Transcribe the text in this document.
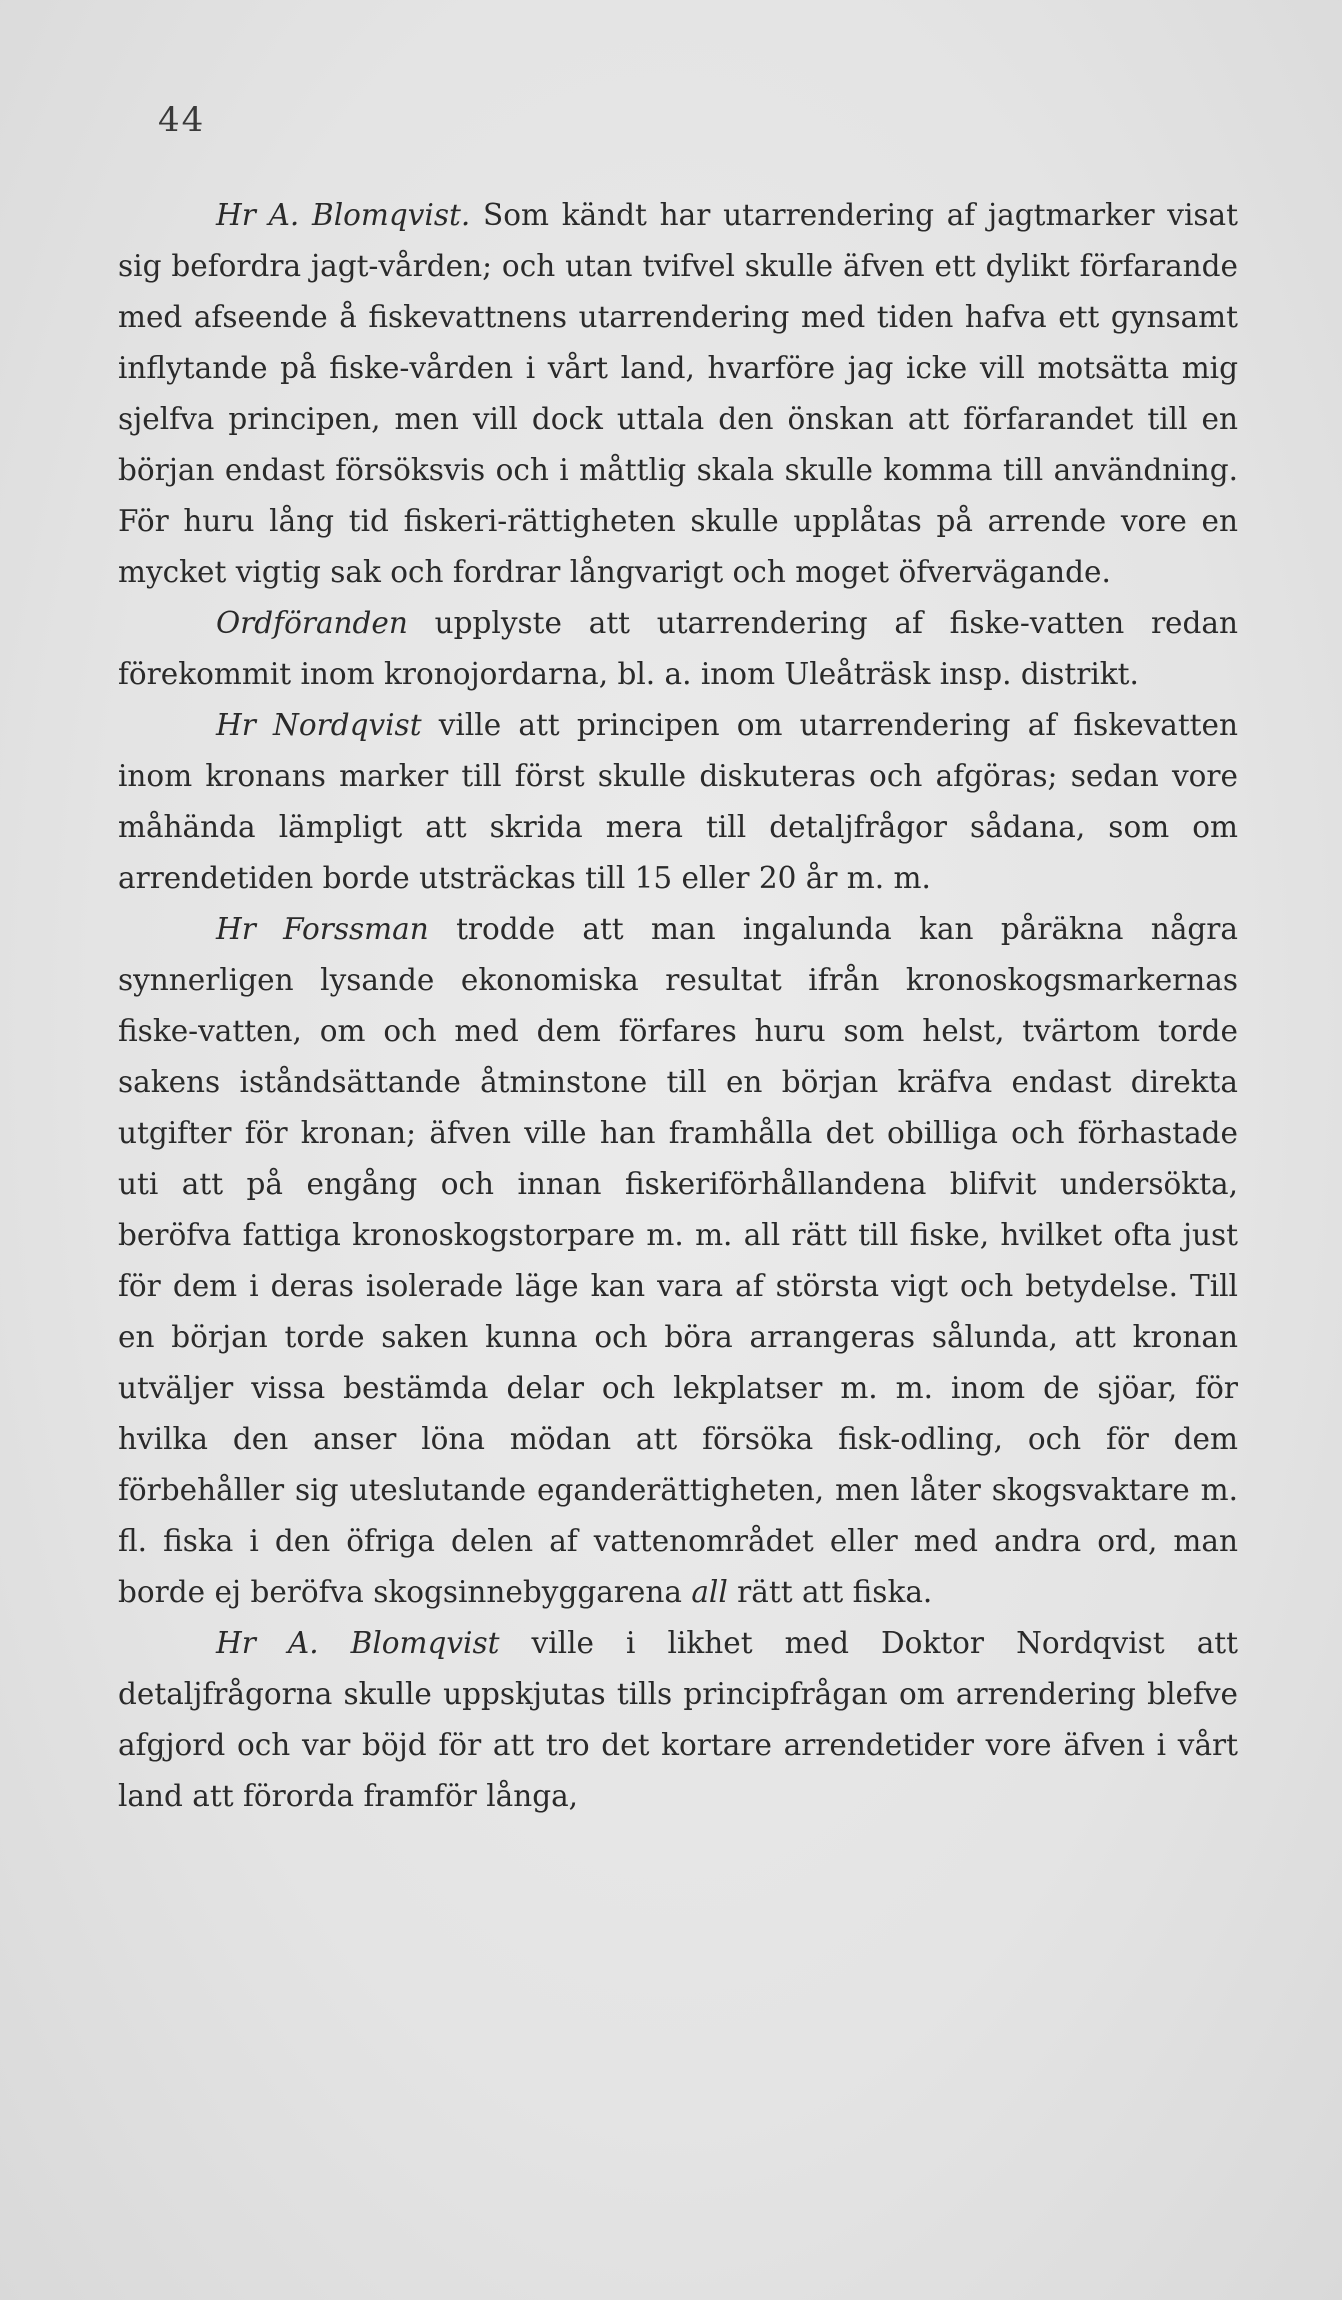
44

Hr A. Blomqvist. Som kändt har utarrendering af jagtmarker visat sig befordra jagt-vården; och utan tvifvel skulle äfven ett dylikt förfarande med afseende å fiskevattnens utarrendering med tiden hafva ett gynsamt inflytande på fiske-vården i vårt land, hvarföre jag icke vill motsätta mig sjelfva principen, men vill dock uttala den önskan att förfarandet till en början endast försöksvis och i måttlig skala skulle komma till användning. För huru lång tid fiskeri-rättigheten skulle upplåtas på arrende vore en mycket vigtig sak och fordrar långvarigt och moget öfvervägande.

Ordföranden upplyste att utarrendering af fiske-vatten redan förekommit inom kronojordarna, bl. a. inom Uleåträsk insp. distrikt.

Hr Nordqvist ville att principen om utarrendering af fiskevatten inom kronans marker till först skulle diskuteras och afgöras; sedan vore måhända lämpligt att skrida mera till detaljfrågor sådana, som om arrendetiden borde utsträckas till 15 eller 20 år m. m.

Hr Forssman trodde att man ingalunda kan påräkna några synnerligen lysande ekonomiska resultat ifrån kronoskogsmarkernas fiske-vatten, om och med dem förfares huru som helst, tvärtom torde sakens iståndsättande åtminstone till en början kräfva endast direkta utgifter för kronan; äfven ville han framhålla det obilliga och förhastade uti att på engång och innan fiskeriförhållandena blifvit undersökta, beröfva fattiga kronoskogstorpare m. m. all rätt till fiske, hvilket ofta just för dem i deras isolerade läge kan vara af största vigt och betydelse. Till en början torde saken kunna och böra arrangeras sålunda, att kronan utväljer vissa bestämda delar och lekplatser m. m. inom de sjöar, för hvilka den anser löna mödan att försöka fisk-odling, och för dem förbehåller sig uteslutande eganderättigheten, men låter skogsvaktare m. fl. fiska i den öfriga delen af vattenområdet eller med andra ord, man borde ej beröfva skogsinnebyggarena all rätt att fiska.

Hr A. Blomqvist ville i likhet med Doktor Nordqvist att detaljfrågorna skulle uppskjutas tills principfrågan om arrendering blefve afgjord och var böjd för att tro det kortare arrendetider vore äfven i vårt land att förorda framför långa,
